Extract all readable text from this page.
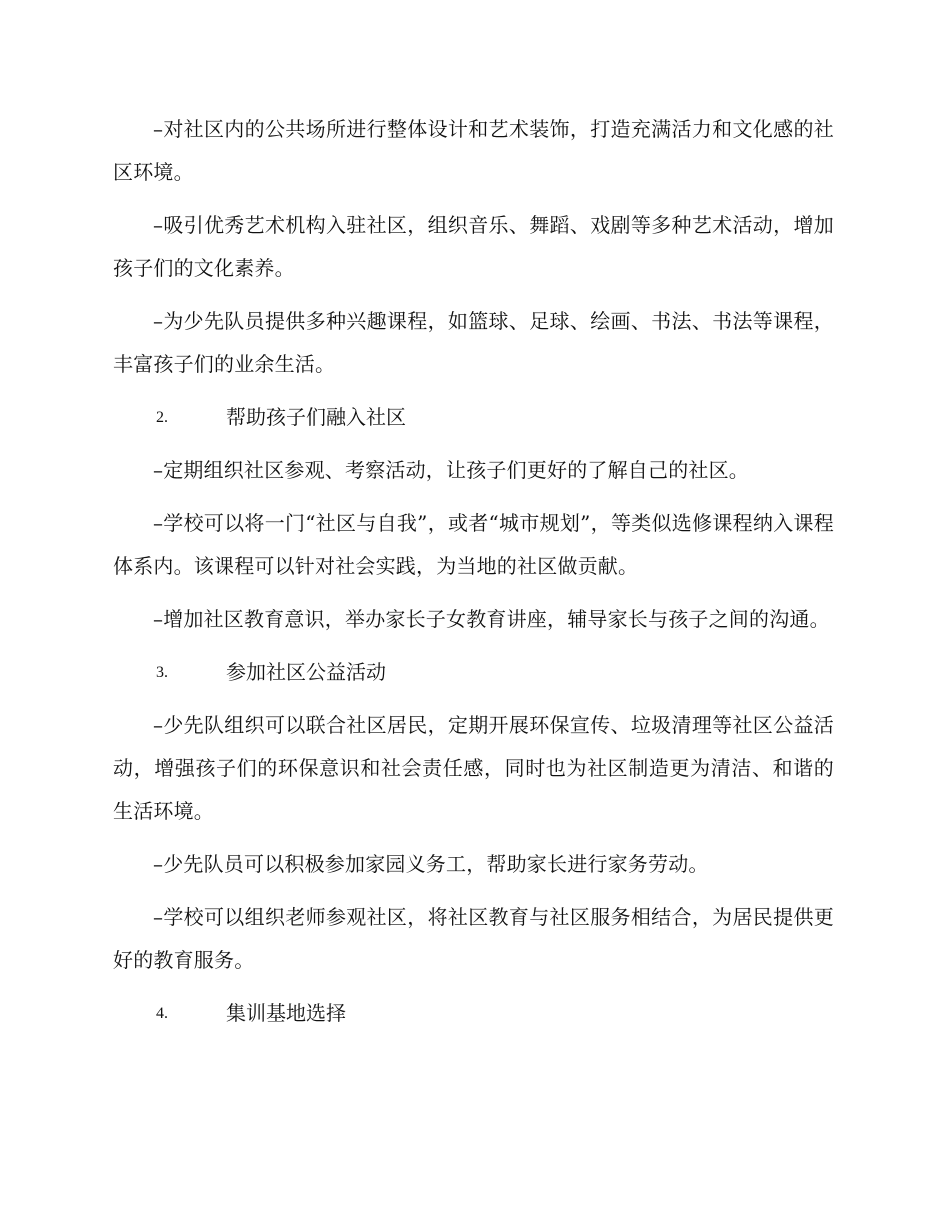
–对社区内的公共场所进行整体设计和艺术装饰，打造充满活力和文化感的社区环境。

–吸引优秀艺术机构入驻社区，组织音乐、舞蹈、戏剧等多种艺术活动，增加孩子们的文化素养。

–为少先队员提供多种兴趣课程，如篮球、足球、绘画、书法、书法等课程，丰富孩子们的业余生活。

2.	帮助孩子们融入社区

–定期组织社区参观、考察活动，让孩子们更好的了解自己的社区。

–学校可以将一门“社区与自我”，或者“城市规划”，等类似选修课程纳入课程体系内。该课程可以针对社会实践，为当地的社区做贡献。

–增加社区教育意识，举办家长子女教育讲座，辅导家长与孩子之间的沟通。

3.	参加社区公益活动

–少先队组织可以联合社区居民，定期开展环保宣传、垃圾清理等社区公益活动，增强孩子们的环保意识和社会责任感，同时也为社区制造更为清洁、和谐的生活环境。

–少先队员可以积极参加家园义务工，帮助家长进行家务劳动。

–学校可以组织老师参观社区，将社区教育与社区服务相结合，为居民提供更好的教育服务。

4.	集训基地选择
